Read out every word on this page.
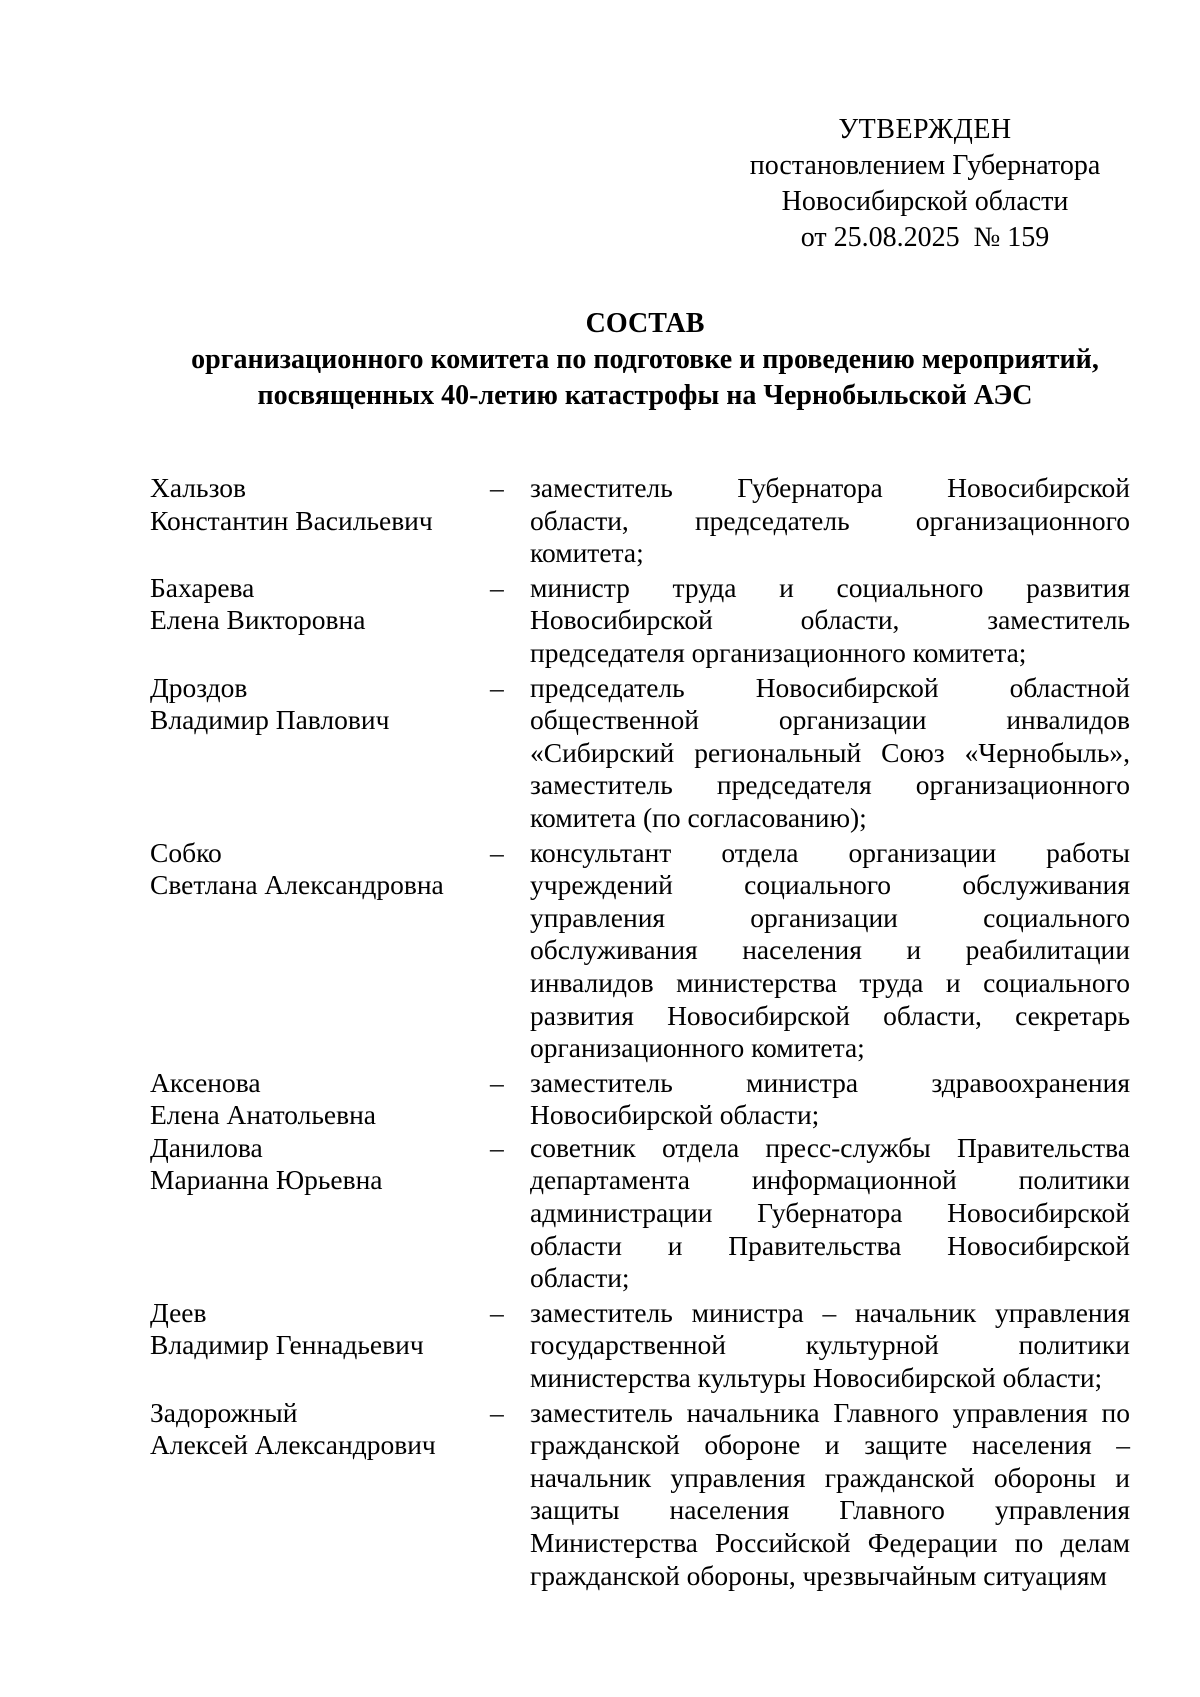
УТВЕРЖДЕН
постановлением Губернатора
Новосибирской области
от 25.08.2025 № 159
СОСТАВ
организационного комитета по подготовке и проведению мероприятий,
посвященных 40-летию катастрофы на Чернобыльской АЭС
Хальзов
Константин Васильевич
– заместитель Губернатора Новосибирской
области, председатель организационного
комитета;
Бахарева
Елена Викторовна
– министр труда и социального развития
Новосибирской области, заместитель
председателя организационного комитета;
Дроздов
Владимир Павлович
– председатель Новосибирской областной
общественной организации инвалидов
«Сибирский региональный Союз «Чернобыль»,
заместитель председателя организационного
комитета (по согласованию);
Собко
Светлана Александровна
– консультант отдела организации работы
учреждений социального обслуживания
управления организации социального
обслуживания населения и реабилитации
инвалидов министерства труда и социального
развития Новосибирской области, секретарь
организационного комитета;
Аксенова
Елена Анатольевна
– заместитель министра здравоохранения
Новосибирской области;
Данилова
Марианна Юрьевна
– советник отдела пресс-службы Правительства
департамента информационной политики
администрации Губернатора Новосибирской
области и Правительства Новосибирской
области;
Деев
Владимир Геннадьевич
– заместитель министра – начальник управления
государственной культурной политики
министерства культуры Новосибирской области;
Задорожный
Алексей Александрович
– заместитель начальника Главного управления по
гражданской обороне и защите населения –
начальник управления гражданской обороны и
защиты населения Главного управления
Министерства Российской Федерации по делам
гражданской обороны, чрезвычайным ситуациям
